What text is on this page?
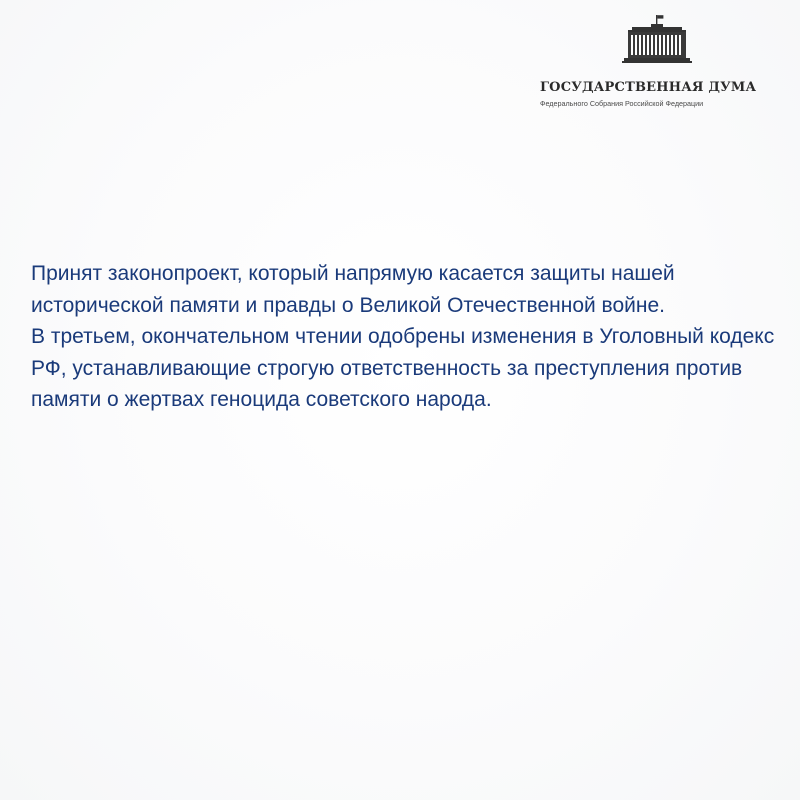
ГОСУДАРСТВЕННАЯ ДУМА
Федерального Собрания Российской Федерации

Принят законопроект, который напрямую касается защиты нашей исторической памяти и правды о Великой Отечественной войне.

В третьем, окончательном чтении одобрены изменения в Уголовный кодекс РФ, устанавливающие строгую ответственность за преступления против памяти о жертвах геноцида советского народа.
